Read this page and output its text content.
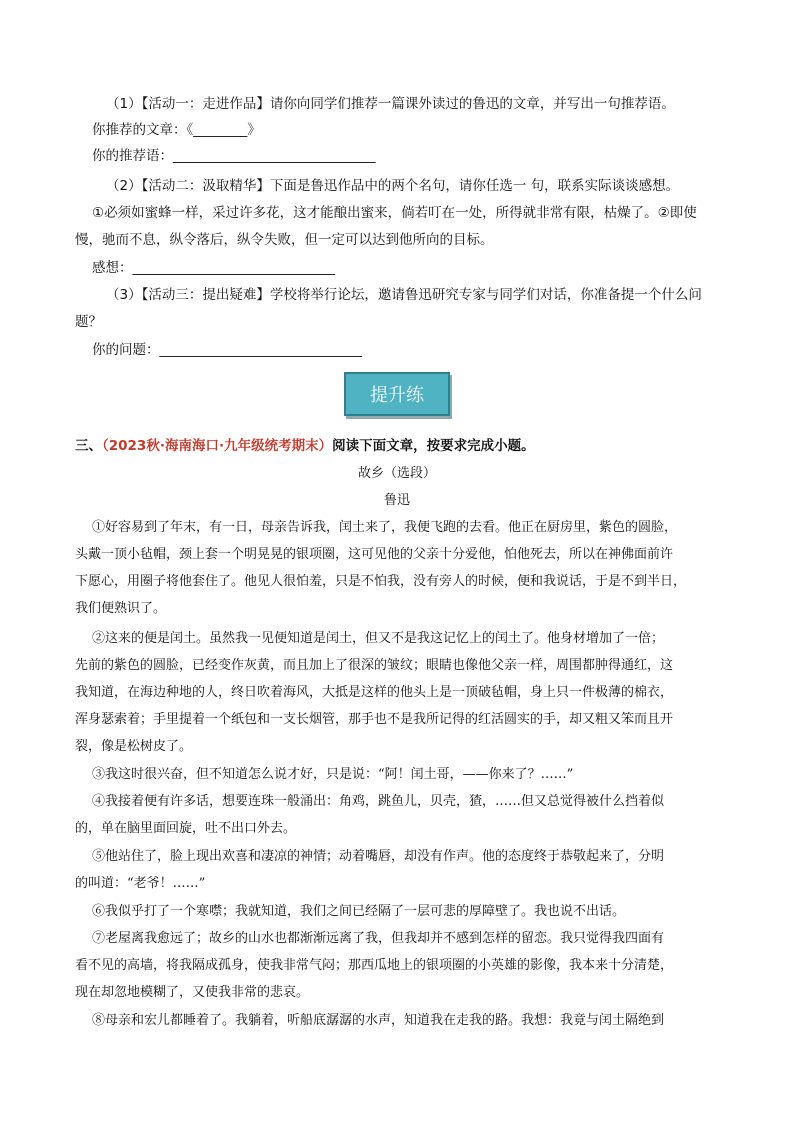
（1）【活动一：走进作品】请你向同学们推荐一篇课外读过的鲁迅的文章，并写出一句推荐语。
你推荐的文章：《________》
你的推荐语：______________________________
（2）【活动二：汲取精华】下面是鲁迅作品中的两个名句，请你任选一 句，联系实际谈谈感想。
①必须如蜜蜂一样，采过许多花，这才能酿出蜜来，倘若叮在一处，所得就非常有限，枯燥了。②即使
慢，驰而不息，纵令落后，纵令失败，但一定可以达到他所向的目标。
感想：______________________________
（3）【活动三：提出疑难】学校将举行论坛，邀请鲁迅研究专家与同学们对话，你准备提一个什么问
题？
你的问题：______________________________
提升练
三、（2023秋·海南海口·九年级统考期末）阅读下面文章，按要求完成小题。
故乡（选段）
鲁迅
①好容易到了年末，有一日，母亲告诉我，闰土来了，我便飞跑的去看。他正在厨房里，紫色的圆脸，
头戴一顶小毡帽，颈上套一个明晃晃的银项圈，这可见他的父亲十分爱他，怕他死去，所以在神佛面前许
下愿心，用圈子将他套住了。他见人很怕羞，只是不怕我，没有旁人的时候，便和我说话，于是不到半日，
我们便熟识了。
②这来的便是闰土。虽然我一见便知道是闰土，但又不是我这记忆上的闰土了。他身材增加了一倍；
先前的紫色的圆脸，已经变作灰黄，而且加上了很深的皱纹；眼睛也像他父亲一样，周围都肿得通红，这
我知道，在海边种地的人，终日吹着海风，大抵是这样的他头上是一顶破毡帽，身上只一件极薄的棉衣，
浑身瑟索着；手里提着一个纸包和一支长烟管，那手也不是我所记得的红活圆实的手，却又粗又笨而且开
裂，像是松树皮了。
③我这时很兴奋，但不知道怎么说才好，只是说：“阿！闰土哥，——你来了？……”
④我接着便有许多话，想要连珠一般涌出：角鸡，跳鱼儿，贝壳，猹，……但又总觉得被什么挡着似
的，单在脑里面回旋，吐不出口外去。
⑤他站住了，脸上现出欢喜和凄凉的神情；动着嘴唇，却没有作声。他的态度终于恭敬起来了，分明
的叫道：“老爷！……”
⑥我似乎打了一个寒噤；我就知道，我们之间已经隔了一层可悲的厚障壁了。我也说不出话。
⑦老屋离我愈远了；故乡的山水也都渐渐远离了我，但我却并不感到怎样的留恋。我只觉得我四面有
看不见的高墙，将我隔成孤身，使我非常气闷；那西瓜地上的银项圈的小英雄的影像，我本来十分清楚，
现在却忽地模糊了，又使我非常的悲哀。
⑧母亲和宏儿都睡着了。我躺着，听船底潺潺的水声，知道我在走我的路。我想：我竟与闰土隔绝到
